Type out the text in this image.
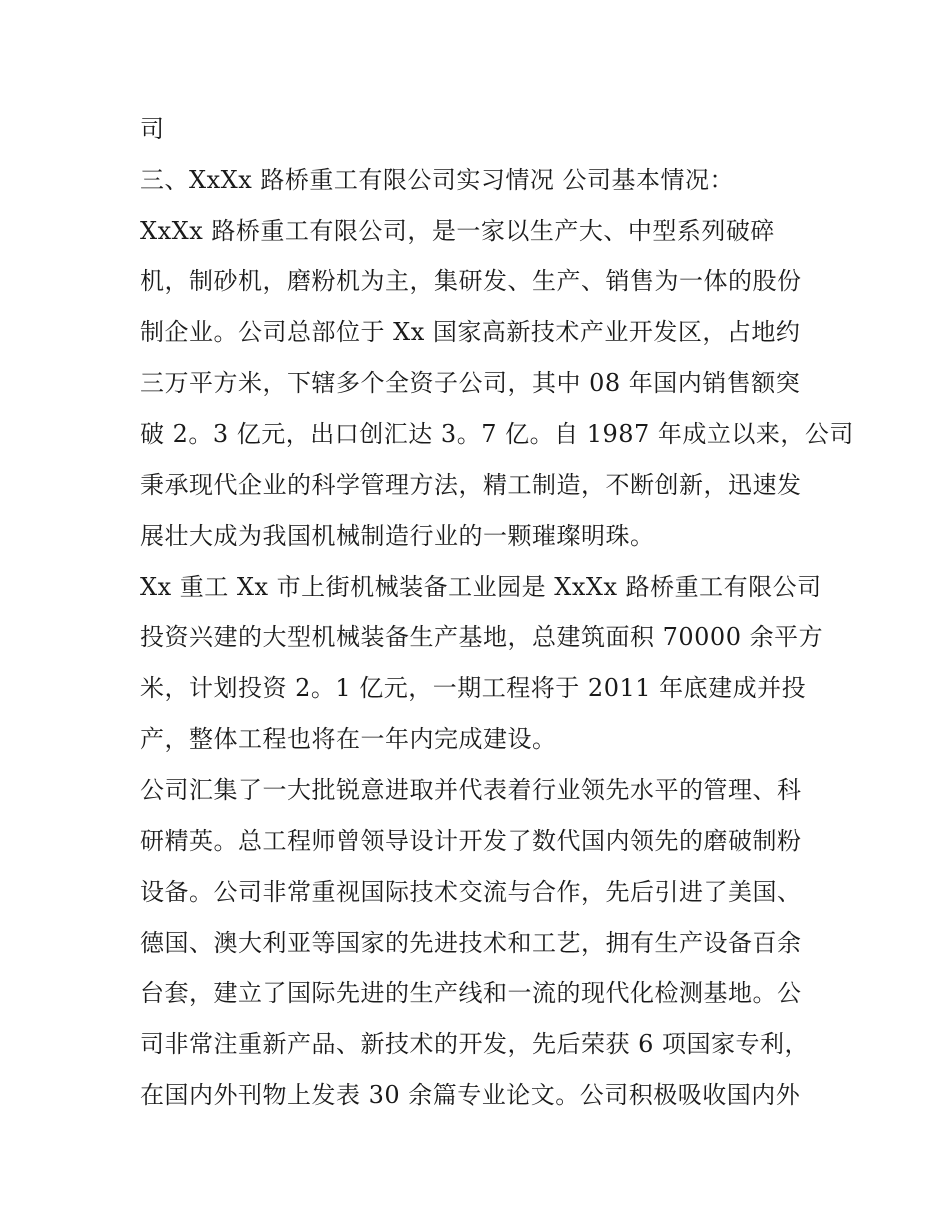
司
三、XxXx 路桥重工有限公司实习情况 公司基本情况：
XxXx 路桥重工有限公司，是一家以生产大、中型系列破碎
机，制砂机，磨粉机为主，集研发、生产、销售为一体的股份
制企业。公司总部位于 Xx 国家高新技术产业开发区，占地约
三万平方米，下辖多个全资子公司，其中 08 年国内销售额突
破 2。3 亿元，出口创汇达 3。7 亿。自 1987 年成立以来，公司
秉承现代企业的科学管理方法，精工制造，不断创新，迅速发
展壮大成为我国机械制造行业的一颗璀璨明珠。
Xx 重工 Xx 市上街机械装备工业园是 XxXx 路桥重工有限公司
投资兴建的大型机械装备生产基地，总建筑面积 70000 余平方
米，计划投资 2。1 亿元，一期工程将于 2011 年底建成并投
产，整体工程也将在一年内完成建设。
公司汇集了一大批锐意进取并代表着行业领先水平的管理、科
研精英。总工程师曾领导设计开发了数代国内领先的磨破制粉
设备。公司非常重视国际技术交流与合作，先后引进了美国、
德国、澳大利亚等国家的先进技术和工艺，拥有生产设备百余
台套，建立了国际先进的生产线和一流的现代化检测基地。公
司非常注重新产品、新技术的开发，先后荣获 6 项国家专利，
在国内外刊物上发表 30 余篇专业论文。公司积极吸收国内外
